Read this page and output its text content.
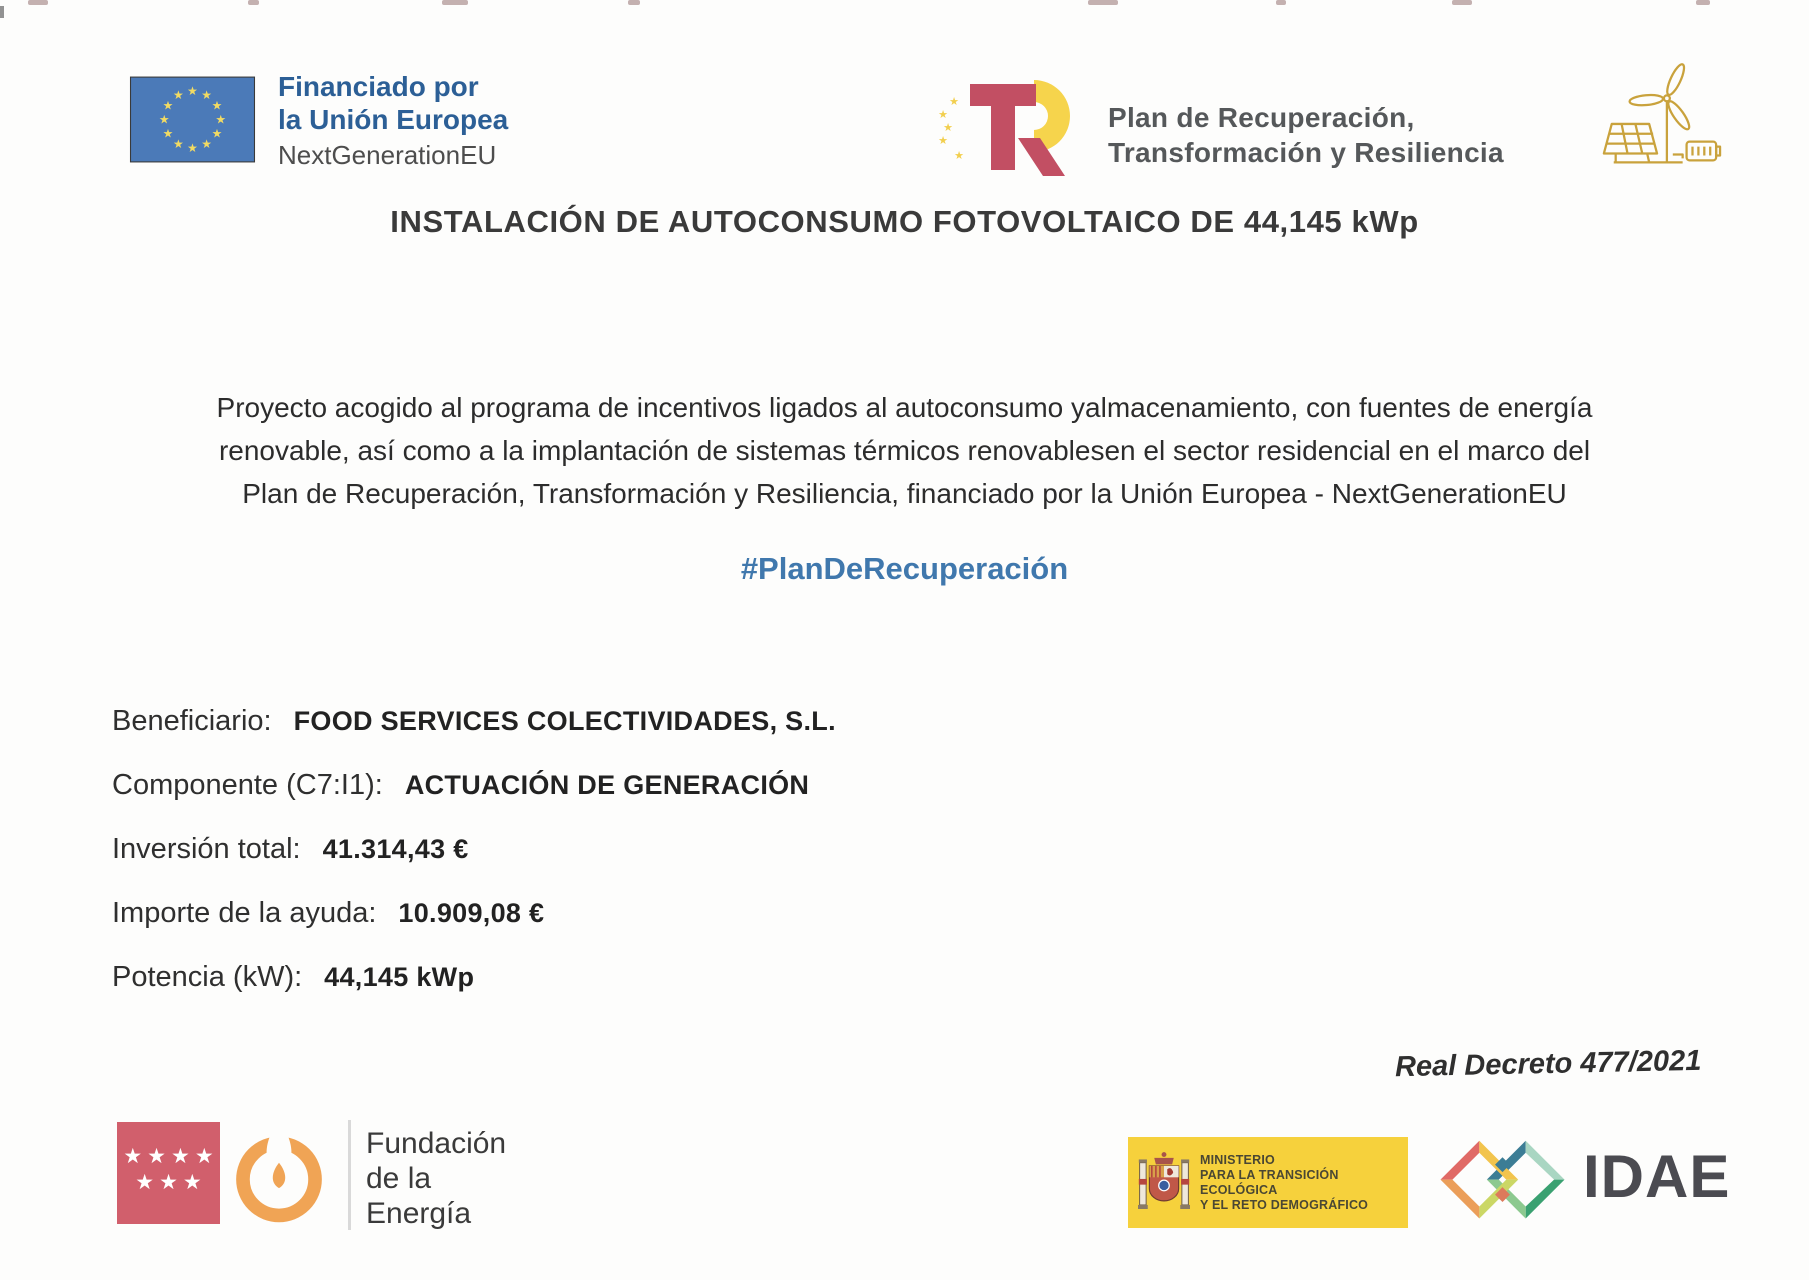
★ ★
★
★
★
★
★
★
★
★
★
★	Financiado por
la Unión Europea
NextGenerationEU
★
★
★
★
★
Plan de Recuperación,
Transformación y Resiliencia
INSTALACIÓN DE AUTOCONSUMO FOTOVOLTAICO DE 44,145 kWp
Proyecto acogido al programa de incentivos ligados al autoconsumo yalmacenamiento, con fuentes de energía
renovable, así como a la implantación de sistemas térmicos renovablesen el sector residencial en el marco del
Plan de Recuperación, Transformación y Resiliencia, financiado por la Unión Europea - NextGenerationEU
#PlanDeRecuperación
Beneficiario: FOOD SERVICES COLECTIVIDADES, S.L.
Componente (C7:I1): ACTUACIÓN DE GENERACIÓN
Inversión total: 41.314,43 €
Importe de la ayuda: 10.909,08 €
Potencia (kW): 44,145 kWp
Real Decreto 477/2021
★★★★
★★★
Fundación
de la
Energía
MINISTERIO
PARA LA TRANSICIÓN ECOLÓGICA
Y EL RETO DEMOGRÁFICO	IDAE
